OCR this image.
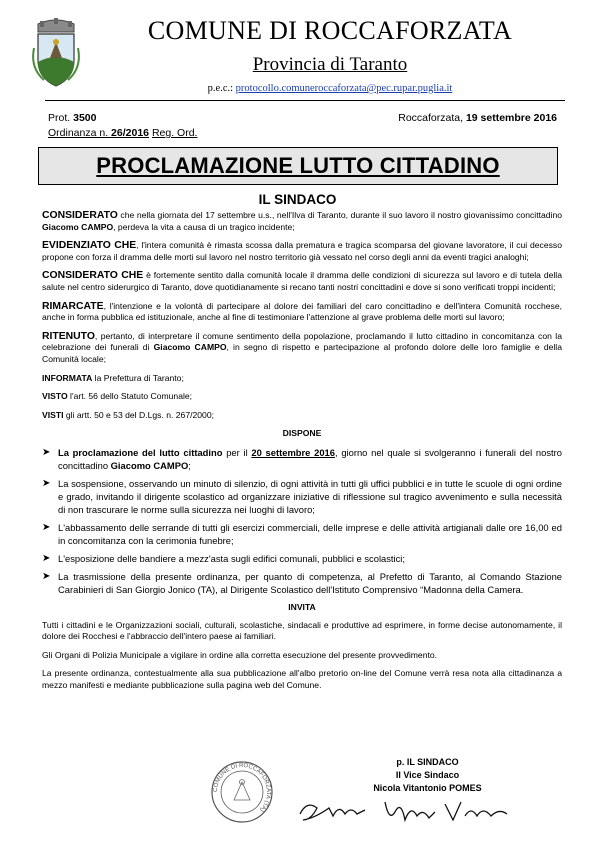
COMUNE DI ROCCAFORZATA
Provincia di Taranto
p.e.c.: protocollo.comuneroccaforzata@pec.rupar.puglia.it
Prot. 3500
Ordinanza n. 26/2016 Reg. Ord.
Roccaforzata, 19 settembre 2016
PROCLAMAZIONE LUTTO CITTADINO
IL SINDACO

CONSIDERATO che nella giornata del 17 settembre u.s., nell'Ilva di Taranto, durante il suo lavoro il nostro giovanissimo concittadino Giacomo CAMPO, perdeva la vita a causa di un tragico incidente;

EVIDENZIATO CHE, l'intera comunità è rimasta scossa dalla prematura e tragica scomparsa del giovane lavoratore, il cui decesso propone con forza il dramma delle morti sul lavoro nel nostro territorio già vessato nel corso degli anni da eventi tragici analoghi;

CONSIDERATO CHE è fortemente sentito dalla comunità locale il dramma delle condizioni di sicurezza sul lavoro e di tutela della salute nel centro siderurgico di Taranto, dove quotidianamente si recano tanti nostri concittadini e dove si sono verificati troppi incidenti;

RIMARCATE, l'intenzione e la volontà di partecipare al dolore dei familiari del caro concittadino e dell'intera Comunità rocchese, anche in forma pubblica ed istituzionale, anche al fine di testimoniare l'attenzione al grave problema delle morti sul lavoro;

RITENUTO, pertanto, di interpretare il comune sentimento della popolazione, proclamando il lutto cittadino in concomitanza con la celebrazione dei funerali di Giacomo CAMPO, in segno di rispetto e partecipazione al profondo dolore delle loro famiglie e della Comunità locale;

INFORMATA la Prefettura di Taranto;

VISTO l'art. 56 dello Statuto Comunale;

VISTI gli artt. 50 e 53 del D.Lgs. n. 267/2000;

DISPONE
➤ La proclamazione del lutto cittadino per il 20 settembre 2016, giorno nel quale si svolgeranno i funerali del nostro concittadino Giacomo CAMPO;
➤ La sospensione, osservando un minuto di silenzio, di ogni attività in tutti gli uffici pubblici e in tutte le scuole di ogni ordine e grado, invitando il dirigente scolastico ad organizzare iniziative di riflessione sul tragico avvenimento e sulla necessità di non trascurare le norme sulla sicurezza nei luoghi di lavoro;
➤ L'abbassamento delle serrande di tutti gli esercizi commerciali, delle imprese e delle attività artigianali dalle ore 16,00 ed in concomitanza con la cerimonia funebre;
➤ L'esposizione delle bandiere a mezz'asta sugli edifici comunali, pubblici e scolastici;
➤ La trasmissione della presente ordinanza, per quanto di competenza, al Prefetto di Taranto, al Comando Stazione Carabinieri di San Giorgio Jonico (TA), al Dirigente Scolastico dell'Istituto Comprensivo “Madonna della Camera.
INVITA

Tutti i cittadini e le Organizzazioni sociali, culturali, scolastiche, sindacali e produttive ad esprimere, in forme decise autonomamente, il dolore dei Rocchesi e l'abbraccio dell'intero paese ai familiari.

Gli Organi di Polizia Municipale a vigilare in ordine alla corretta esecuzione del presente provvedimento.

La presente ordinanza, contestualmente alla sua pubblicazione all'albo pretorio on-line del Comune verrà resa nota alla cittadinanza a mezzo manifesti e mediante pubblicazione sulla pagina web del Comune.

COMUNE DI ROCCAFORZATA (TA)
p. IL SINDACO
Il Vice Sindaco
Nicola Vitantonio POMES
